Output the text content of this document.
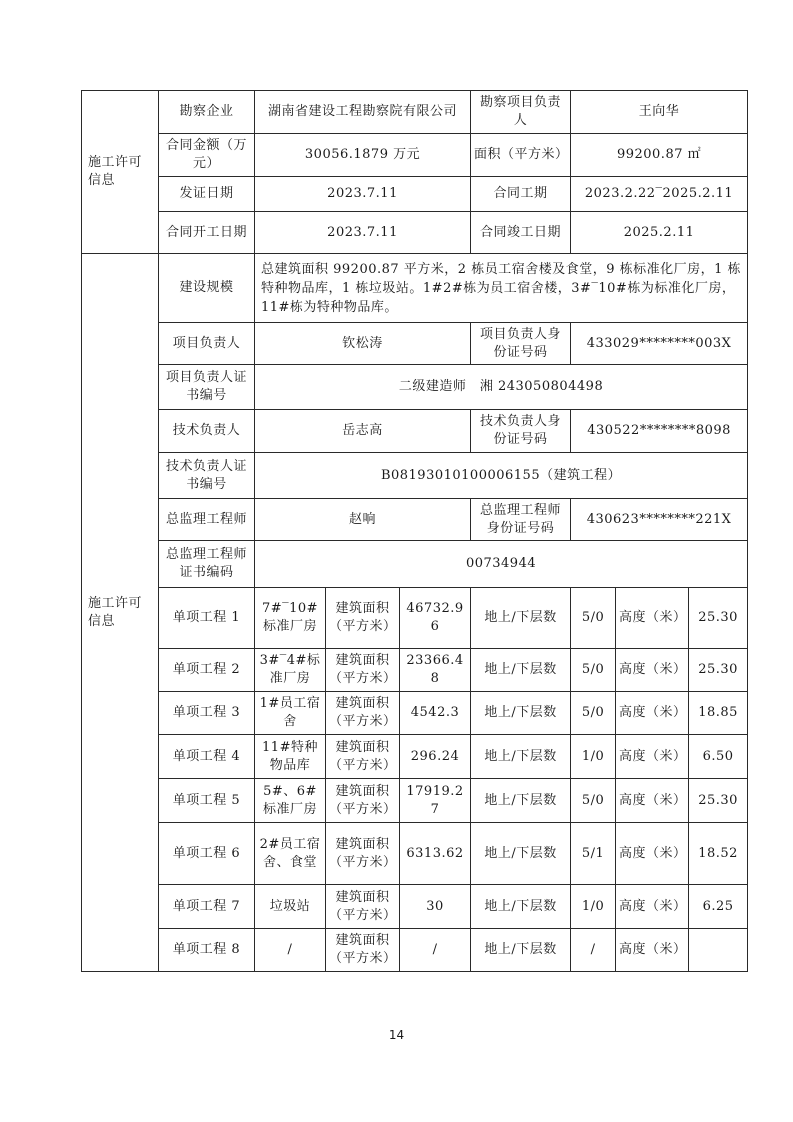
施工许可信息	勘察企业	湖南省建设工程勘察院有限公司			勘察项目负责人	王向华		
	合同金额（万元）	30056.1879 万元			面积（平方米）	99200.87 ㎡		
	发证日期	2023.7.11			合同工期	2023.2.22‾2025.2.11		
	合同开工日期	2023.7.11			合同竣工日期	2025.2.11		
施工许可信息	建设规模	总建筑面积 99200.87 平方米，2 栋员工宿舍楼及食堂，9 栋标准化厂房，1 栋特种物品库，1 栋垃圾站。1#2#栋为员工宿舍楼，3#‾10#栋为标准化厂房，11#栋为特种物品库。						
	项目负责人	钦松涛			项目负责人身份证号码	433029********003X		
	项目负责人证书编号	二级建造师　湘 243050804498						
	技术负责人	岳志高			技术负责人身份证号码	430522********8098		
	技术负责人证书编号	B08193010100006155（建筑工程）						
	总监理工程师	赵响			总监理工程师身份证号码	430623********221X		
	总监理工程师证书编码	00734944						
	单项工程 1	7#‾10#标准厂房	建筑面积（平方米）	46732.96	地上/下层数	5/0	高度（米）	25.30
	单项工程 2	3#‾4#标准厂房	建筑面积（平方米）	23366.48	地上/下层数	5/0	高度（米）	25.30
	单项工程 3	1#员工宿舍	建筑面积（平方米）	4542.3	地上/下层数	5/0	高度（米）	18.85
	单项工程 4	11#特种物品库	建筑面积（平方米）	296.24	地上/下层数	1/0	高度（米）	6.50
	单项工程 5	5#、6#标准厂房	建筑面积（平方米）	17919.27	地上/下层数	5/0	高度（米）	25.30
	单项工程 6	2#员工宿舍、食堂	建筑面积（平方米）	6313.62	地上/下层数	5/1	高度（米）	18.52
	单项工程 7	垃圾站	建筑面积（平方米）	30	地上/下层数	1/0	高度（米）	6.25
	单项工程 8	/	建筑面积（平方米）	/	地上/下层数	/	高度（米）	
14
